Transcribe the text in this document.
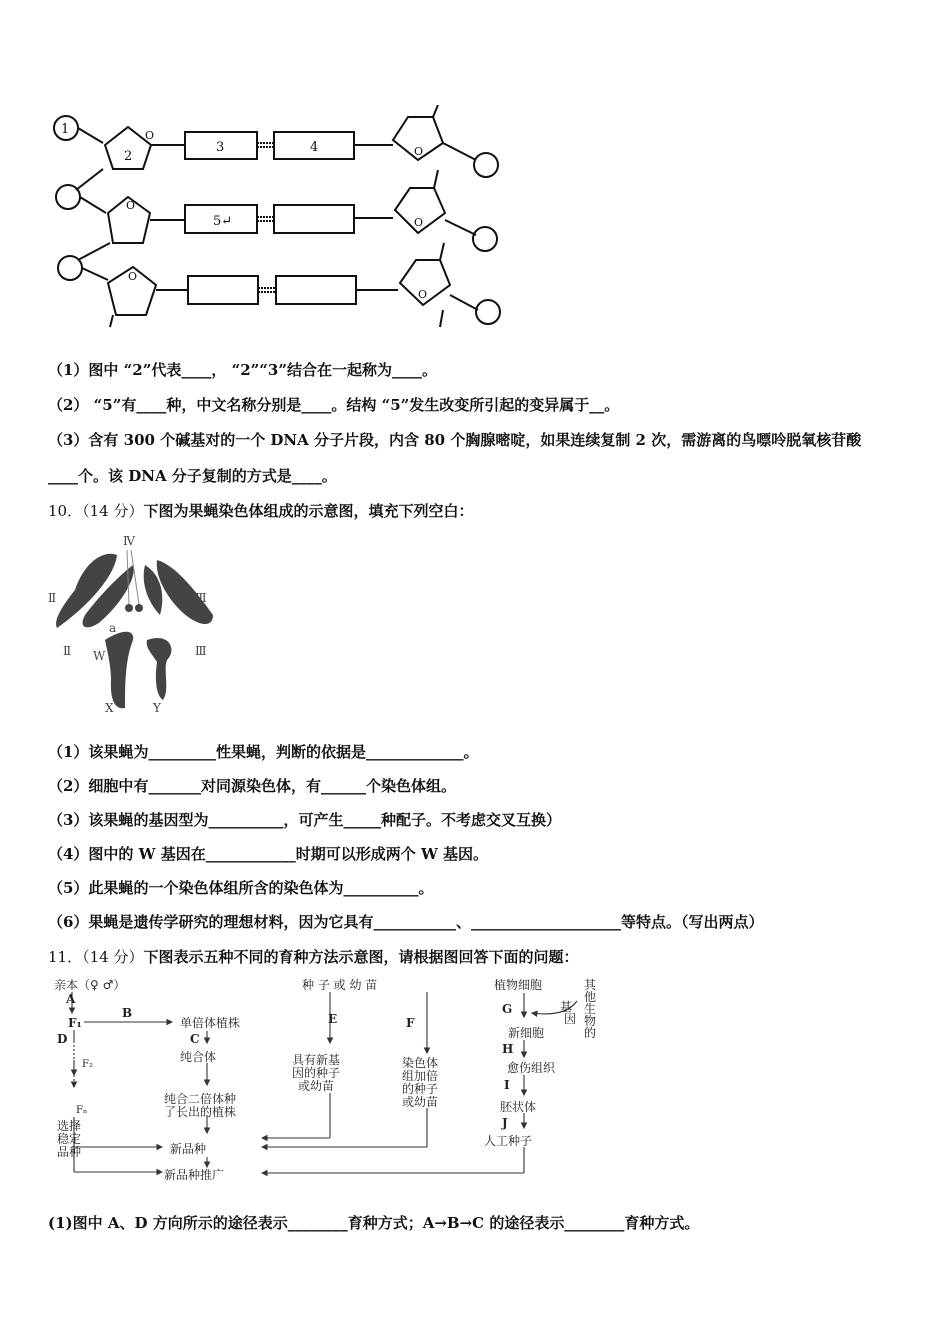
1
2
3	4
5↵
O
O
O
O
O
O
（1）图中 “2”代表____， “2”“3”结合在一起称为____。
（2） “5”有____种，中文名称分别是____。结构 “5”发生改变所引起的变异属于__。
（3）含有 300 个碱基对的一个 DNA 分子片段，内含 80 个胸腺嘧啶，如果连续复制 2 次，需游离的鸟嘌呤脱氧核苷酸
____个。该 DNA 分子复制的方式是____。
10．（14 分）下图为果蝇染色体组成的示意图，填充下列空白：
Ⅳ
Ⅱ A	Ⅲ
a
Ⅱ W	Ⅲ
X	Y
（1）该果蝇为_________性果蝇，判断的依据是_____________。
（2）细胞中有_______对同源染色体，有______个染色体组。
（3）该果蝇的基因型为__________，可产生_____种配子。不考虑交叉互换）
（4）图中的 W 基因在____________时期可以形成两个 W 基因。
（5）此果蝇的一个染色体组所含的染色体为__________。
（6）果蝇是遗传学研究的理想材料，因为它具有___________、____________________等特点。（写出两点）
11．（14 分）下图表示五种不同的育种方法示意图，请根据图回答下面的问题：
亲本（♀ ♂）
A
F₁
B
单倍体植株
C
纯合体
D
F₂
Fₙ
纯合二倍体种
了长出的植株
选择
稳定
品种	新品种
新品种推广
种 子 或 幼 苗
E
具有新基
因的种子
或幼苗
F
染色体
组加倍
的种子
或幼苗
植物细胞
G	基
因
其
他
生
物
的
新细胞
H
愈伤组织
I
胚状体
J
人工种子
(1)图中 A、D 方向所示的途径表示________育种方式；A→B→C 的途径表示________育种方式。
